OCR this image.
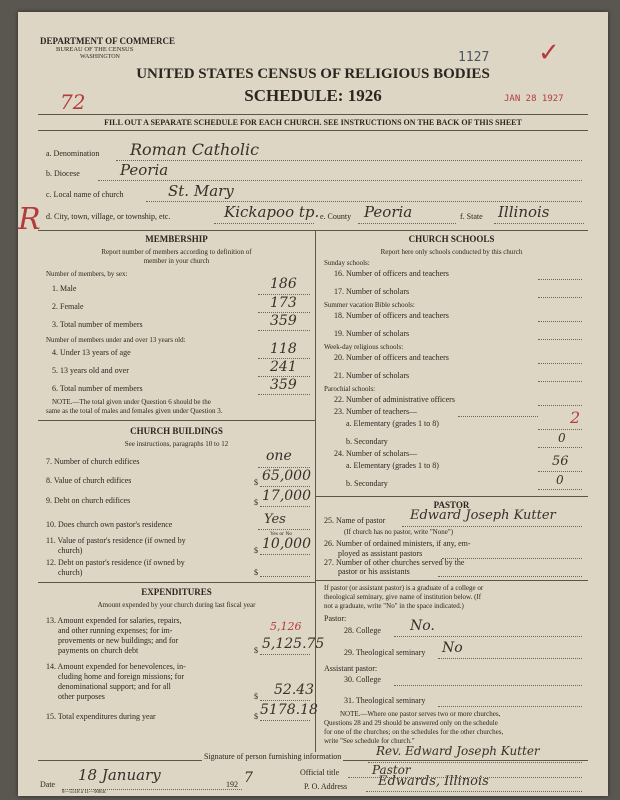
DEPARTMENT OF COMMERCE
BUREAU OF THE CENSUS
WASHINGTON	1127 ✓
UNITED STATES CENSUS OF RELIGIOUS BODIES
SCHEDULE: 1926
72	JAN 28 1927
FILL OUT A SEPARATE SCHEDULE FOR EACH CHURCH. SEE INSTRUCTIONS ON THE BACK OF THIS SHEET
a. Denomination Roman Catholic
b. Diocese	Peoria
c. Local name of church	St. Mary
R d. City, town, village, or township, etc.	Kickapoo tp. e. County Peoria	f. State Illinois
MEMBERSHIP
Report number of members according to definition of
member in your church
Number of members, by sex:
1. Male	186
2. Female	173
3. Total number of members	359
Number of members under and over 13 years old:
4. Under 13 years of age	118
5. 13 years old and over	241
6. Total number of members	359
NOTE.—The total given under Question 6 should be the
same as the total of males and females given under Question 3.
CHURCH BUILDINGS
See instructions, paragraphs 10 to 12
7. Number of church edifices	one
8. Value of church edifices	$ 65,000
9. Debt on church edifices	$ 17,000
10. Does church own pastor's residence	Yes
Yes or No
11. Value of pastor's residence (if owned by
church)	$ 10,000
12. Debt on pastor's residence (if owned by
church)	$
EXPENDITURES
Amount expended by your church during last fiscal year
13. Amount expended for salaries, repairs,
and other running expenses; for im-
provements or new buildings; and for
payments on church debt
5,126
$ 5,125.75
14. Amount expended for benevolences, in-
cluding home and foreign missions; for
denominational support; and for all
other purposes	$ 52.43
15. Total expenditures during year	$ 5178.18
CHURCH SCHOOLS
Report here only schools conducted by this church
Sunday schools:
16. Number of officers and teachers
17. Number of scholars
Summer vacation Bible schools:
18. Number of officers and teachers
19. Number of scholars
Week-day religious schools:
20. Number of officers and teachers
21. Number of scholars
Parochial schools:
22. Number of administrative officers
23. Number of teachers—
a. Elementary (grades 1 to 8)	2
b. Secondary	0
24. Number of scholars—
a. Elementary (grades 1 to 8)	56
b. Secondary	0
PASTOR
25. Name of pastor Edward Joseph Kutter
(If church has no pastor, write "None")
26. Number of ordained ministers, if any, em-
ployed as assistant pastors
27. Number of other churches served by the
pastor or his assistants
If pastor (or assistant pastor) is a graduate of a college or
theological seminary, give name of institution below. (If
not a graduate, write "No" in the space indicated.)
Pastor:
28. College No.
29. Theological seminary No
Assistant pastor:
30. College
31. Theological seminary
NOTE.—Where one pastor serves two or more churches,
Questions 28 and 29 should be answered only on the schedule
for one of the churches; on the schedules for the other churches,
write "See schedule for church."
Signature of person furnishing information	Rev. Edward Joseph Kutter
Official title	Pastor
Date
18 January
192 7
P. O. Address Edwards, Illinois
8—5518 a 11—9084c
